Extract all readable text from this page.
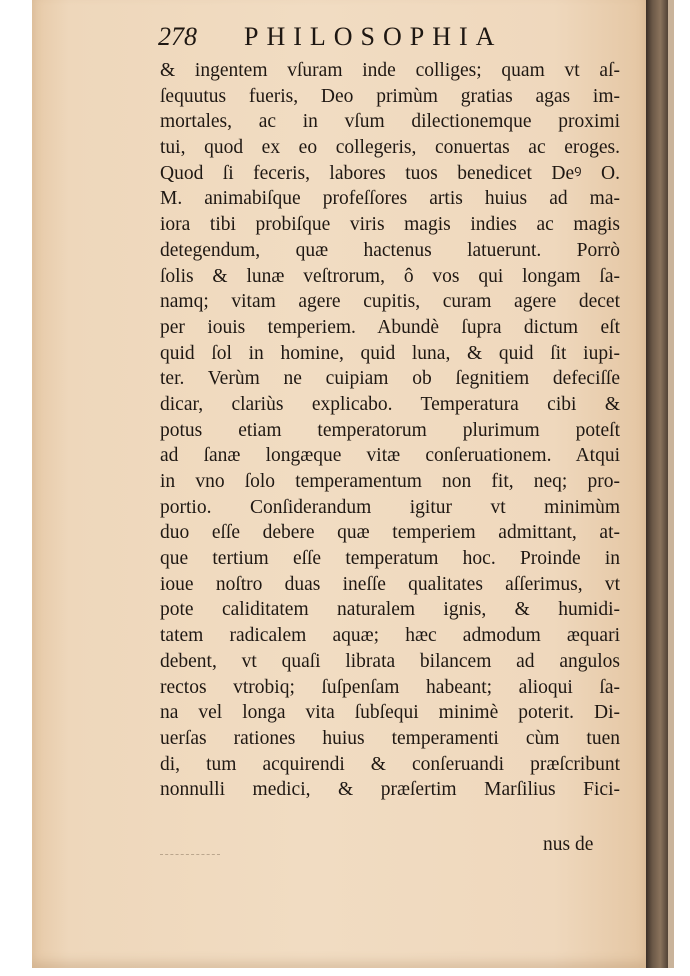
278 PHILOSOPHIA
& ingentem vſuram inde colliges; quam vt aſ-
ſequutus fueris, Deo primùm gratias agas im-
mortales, ac in vſum dilectionemque proximi
tui, quod ex eo collegeris, conuertas ac eroges.
Quod ſi feceris, labores tuos benedicet Deꝰ O.
M. animabiſque profeſſores artis huius ad ma-
iora tibi probiſque viris magis indies ac magis
detegendum, quæ hactenus latuerunt. Porrò
ſolis & lunæ veſtrorum, ô vos qui longam ſa-
namq; vitam agere cupitis, curam agere decet
per iouis temperiem. Abundè ſupra dictum eſt
quid ſol in homine, quid luna, & quid ſit iupi-
ter. Verùm ne cuipiam ob ſegnitiem defeciſſe
dicar, clariùs explicabo. Temperatura cibi &
potus etiam temperatorum plurimum poteſt
ad ſanæ longæque vitæ conſeruationem. Atqui
in vno ſolo temperamentum non fit, neq; pro-
portio. Conſiderandum igitur vt minimùm
duo eſſe debere quæ temperiem admittant, at-
que tertium eſſe temperatum hoc. Proinde in
ioue noſtro duas ineſſe qualitates aſſerimus, vt
pote caliditatem naturalem ignis, & humidi-
tatem radicalem aquæ; hæc admodum æquari
debent, vt quaſi librata bilancem ad angulos
rectos vtrobiq; ſuſpenſam habeant; alioqui ſa-
na vel longa vita ſubſequi minimè poterit. Di-
uerſas rationes huius temperamenti cùm tuen
di, tum acquirendi & conſeruandi præſcribunt
nonnulli medici, & præſertim Marſilius Fici-
nus de
